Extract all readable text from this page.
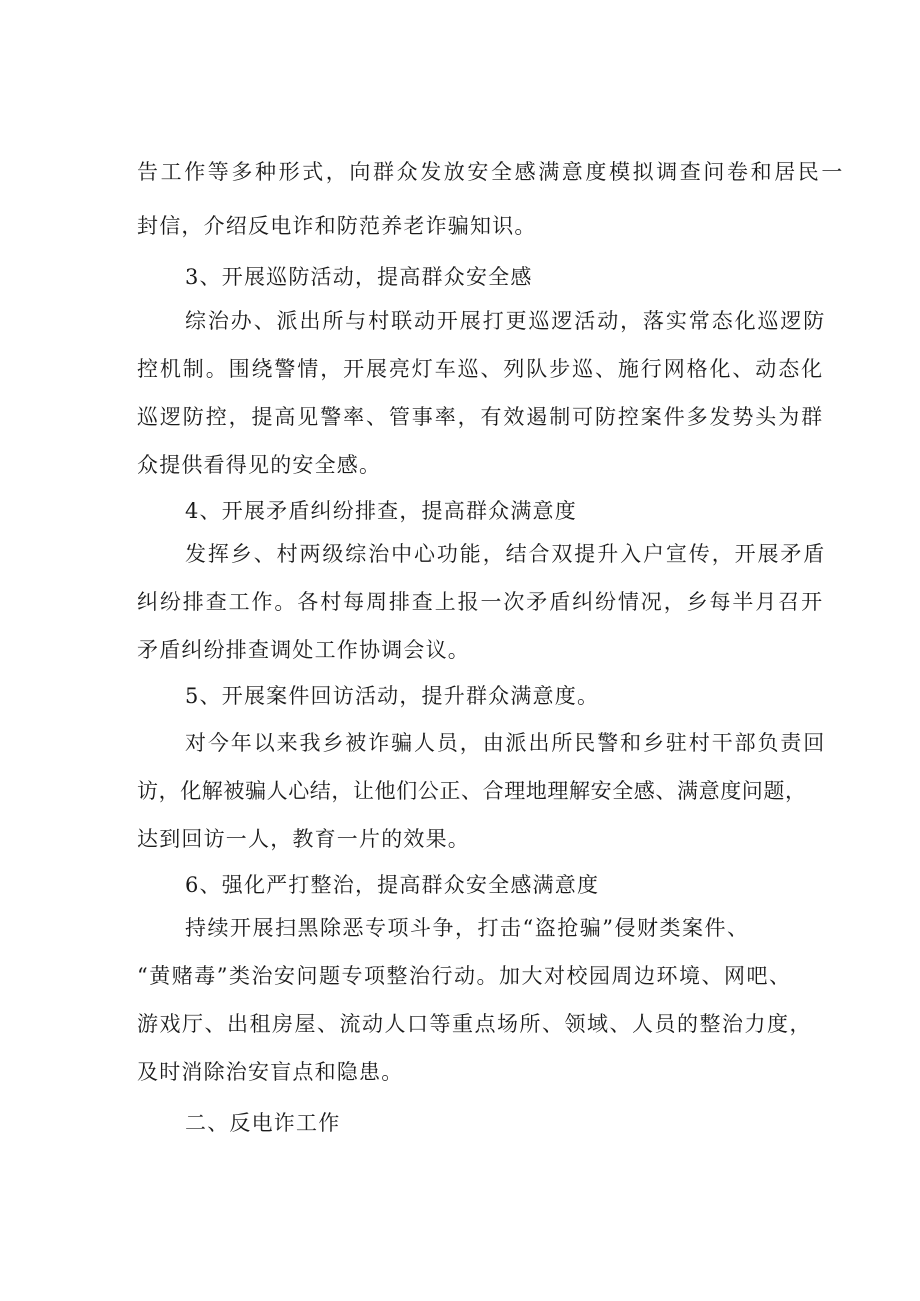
告工作等多种形式，向群众发放安全感满意度模拟调查问卷和居民一
封信，介绍反电诈和防范养老诈骗知识。
3、开展巡防活动，提高群众安全感
综治办、派出所与村联动开展打更巡逻活动，落实常态化巡逻防
控机制。围绕警情，开展亮灯车巡、列队步巡、施行网格化、动态化
巡逻防控，提高见警率、管事率，有效遏制可防控案件多发势头为群
众提供看得见的安全感。
4、开展矛盾纠纷排查，提高群众满意度
发挥乡、村两级综治中心功能，结合双提升入户宣传，开展矛盾
纠纷排查工作。各村每周排查上报一次矛盾纠纷情况，乡每半月召开
矛盾纠纷排查调处工作协调会议。
5、开展案件回访活动，提升群众满意度。
对今年以来我乡被诈骗人员，由派出所民警和乡驻村干部负责回
访，化解被骗人心结，让他们公正、合理地理解安全感、满意度问题，
达到回访一人，教育一片的效果。
6、强化严打整治，提高群众安全感满意度
持续开展扫黑除恶专项斗争，打击“盗抢骗”侵财类案件、
“黄赌毒”类治安问题专项整治行动。加大对校园周边环境、网吧、
游戏厅、出租房屋、流动人口等重点场所、领域、人员的整治力度，
及时消除治安盲点和隐患。
二、反电诈工作
